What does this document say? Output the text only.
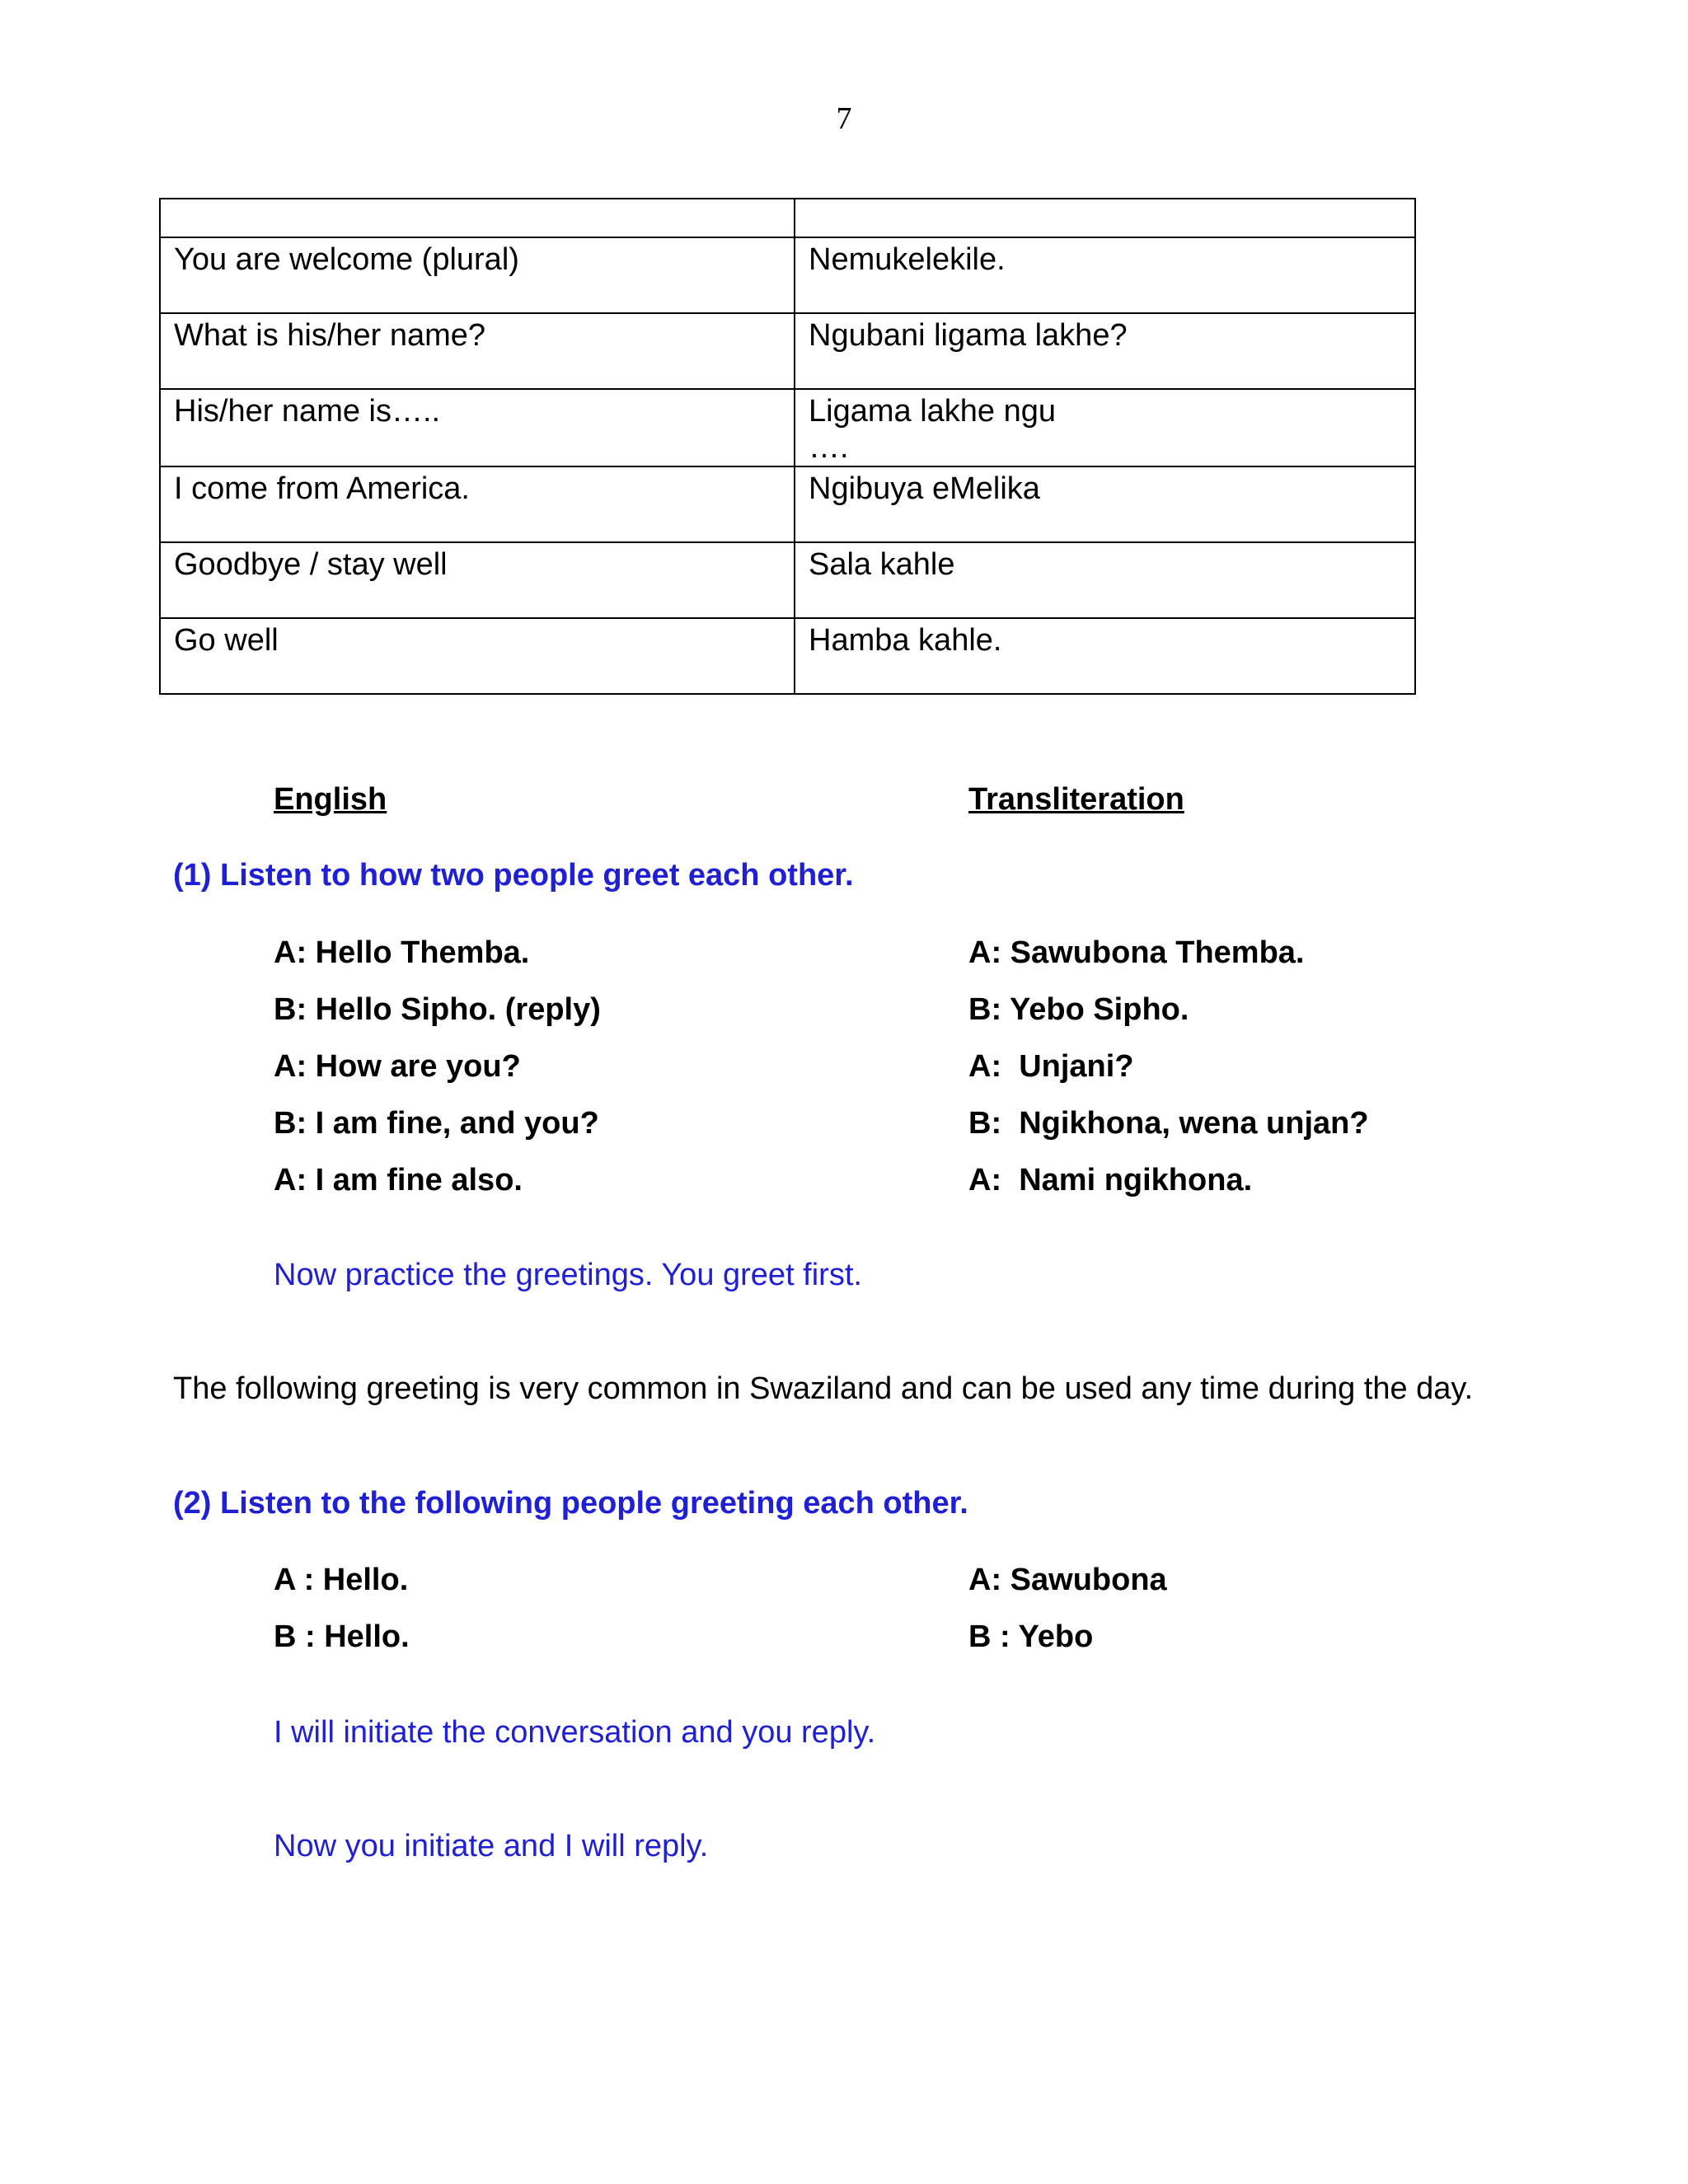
7

You are welcome (plural)	Nemukelekile.

What is his/her name?	Ngubani ligama lakhe?

His/her name is…..	Ligama lakhe ngu
….

I come from America.	Ngibuya eMelika

Goodbye / stay well	Sala kahle

Go well	Hamba kahle.
English	Transliteration
(1) Listen to how two people greet each other.
A: Hello Themba.	A: Sawubona Themba.
B: Hello Sipho. (reply)	B: Yebo Sipho.
A: How are you?	A:  Unjani?
B: I am fine, and you?	B:  Ngikhona, wena unjan?
A: I am fine also.	A:  Nami ngikhona.
Now practice the greetings. You greet first.
The following greeting is very common in Swaziland and can be used any time during the day.
(2) Listen to the following people greeting each other.
A : Hello.	A: Sawubona
B : Hello.	B : Yebo
I will initiate the conversation and you reply.
Now you initiate and I will reply.
